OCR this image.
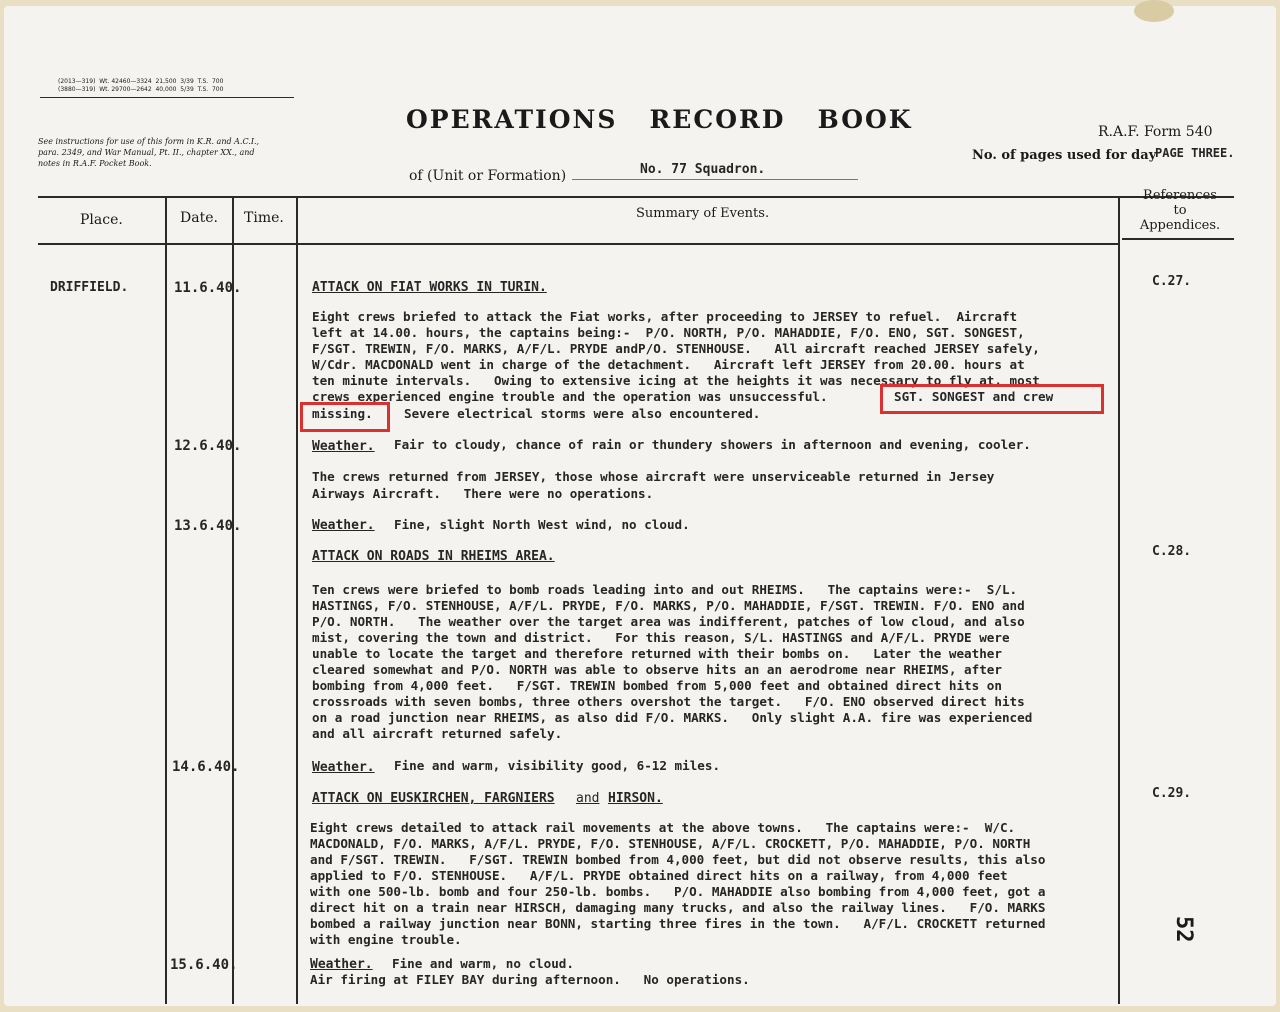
(2013—319)  Wt. 42460—3324  21,500  3/39  T.S.  700
(3880—319)  Wt. 29700—2642  40,000  5/39  T.S.  700
See instructions for use of this form in K.R. and A.C.I.,
para. 2349, and War Manual, Pt. II., chapter XX., and
notes in R.A.F. Pocket Book.
OPERATIONS   RECORD   BOOK
of (Unit or Formation)	No. 77 Squadron.
R.A.F. Form 540
No. of pages used for day
PAGE THREE.
Place.	Date. Time.	Summary of Events.
References
to
Appendices.
DRIFFIELD.	11.6.40.	ATTACK ON FIAT WORKS IN TURIN.	C.27.
Eight crews briefed to attack the Fiat works, after proceeding to JERSEY to refuel.  Aircraft
left at 14.00. hours, the captains being:-  P/O. NORTH, P/O. MAHADDIE, F/O. ENO, SGT. SONGEST,
F/SGT. TREWIN, F/O. MARKS, A/F/L. PRYDE andP/O. STENHOUSE.   All aircraft reached JERSEY safely,
W/Cdr. MACDONALD went in charge of the detachment.   Aircraft left JERSEY from 20.00. hours at
ten minute intervals.   Owing to extensive icing at the heights it was necessary to fly at, most
crews experienced engine trouble and the operation was unsuccessful.	SGT. SONGEST and crew
missing. Severe electrical storms were also encountered.
12.6.40.	Weather. Fair to cloudy, chance of rain or thundery showers in afternoon and evening, cooler.
The crews returned from JERSEY, those whose aircraft were unserviceable returned in Jersey
Airways Aircraft.   There were no operations.
13.6.40.	Weather. Fine, slight North West wind, no cloud.
ATTACK ON ROADS IN RHEIMS AREA.	C.28.
Ten crews were briefed to bomb roads leading into and out RHEIMS.   The captains were:-  S/L.
HASTINGS, F/O. STENHOUSE, A/F/L. PRYDE, F/O. MARKS, P/O. MAHADDIE, F/SGT. TREWIN. F/O. ENO and
P/O. NORTH.   The weather over the target area was indifferent, patches of low cloud, and also
mist, covering the town and district.   For this reason, S/L. HASTINGS and A/F/L. PRYDE were
unable to locate the target and therefore returned with their bombs on.   Later the weather
cleared somewhat and P/O. NORTH was able to observe hits an an aerodrome near RHEIMS, after
bombing from 4,000 feet.   F/SGT. TREWIN bombed from 5,000 feet and obtained direct hits on
crossroads with seven bombs, three others overshot the target.   F/O. ENO observed direct hits
on a road junction near RHEIMS, as also did F/O. MARKS.   Only slight A.A. fire was experienced
and all aircraft returned safely.
14.6.40.	Weather. Fine and warm, visibility good, 6-12 miles.
ATTACK ON EUSKIRCHEN, FARGNIERS and HIRSON.	C.29.
Eight crews detailed to attack rail movements at the above towns.   The captains were:-  W/C.
MACDONALD, F/O. MARKS, A/F/L. PRYDE, F/O. STENHOUSE, A/F/L. CROCKETT, P/O. MAHADDIE, P/O. NORTH
and F/SGT. TREWIN.   F/SGT. TREWIN bombed from 4,000 feet, but did not observe results, this also
applied to F/O. STENHOUSE.   A/F/L. PRYDE obtained direct hits on a railway, from 4,000 feet
with one 500-lb. bomb and four 250-lb. bombs.   P/O. MAHADDIE also bombing from 4,000 feet, got a
direct hit on a train near HIRSCH, damaging many trucks, and also the railway lines.   F/O. MARKS
bombed a railway junction near BONN, starting three fires in the town.   A/F/L. CROCKETT returned
with engine trouble.
15.6.40.	Weather. Fine and warm, no cloud.
Air firing at FILEY BAY during afternoon.   No operations.
52
